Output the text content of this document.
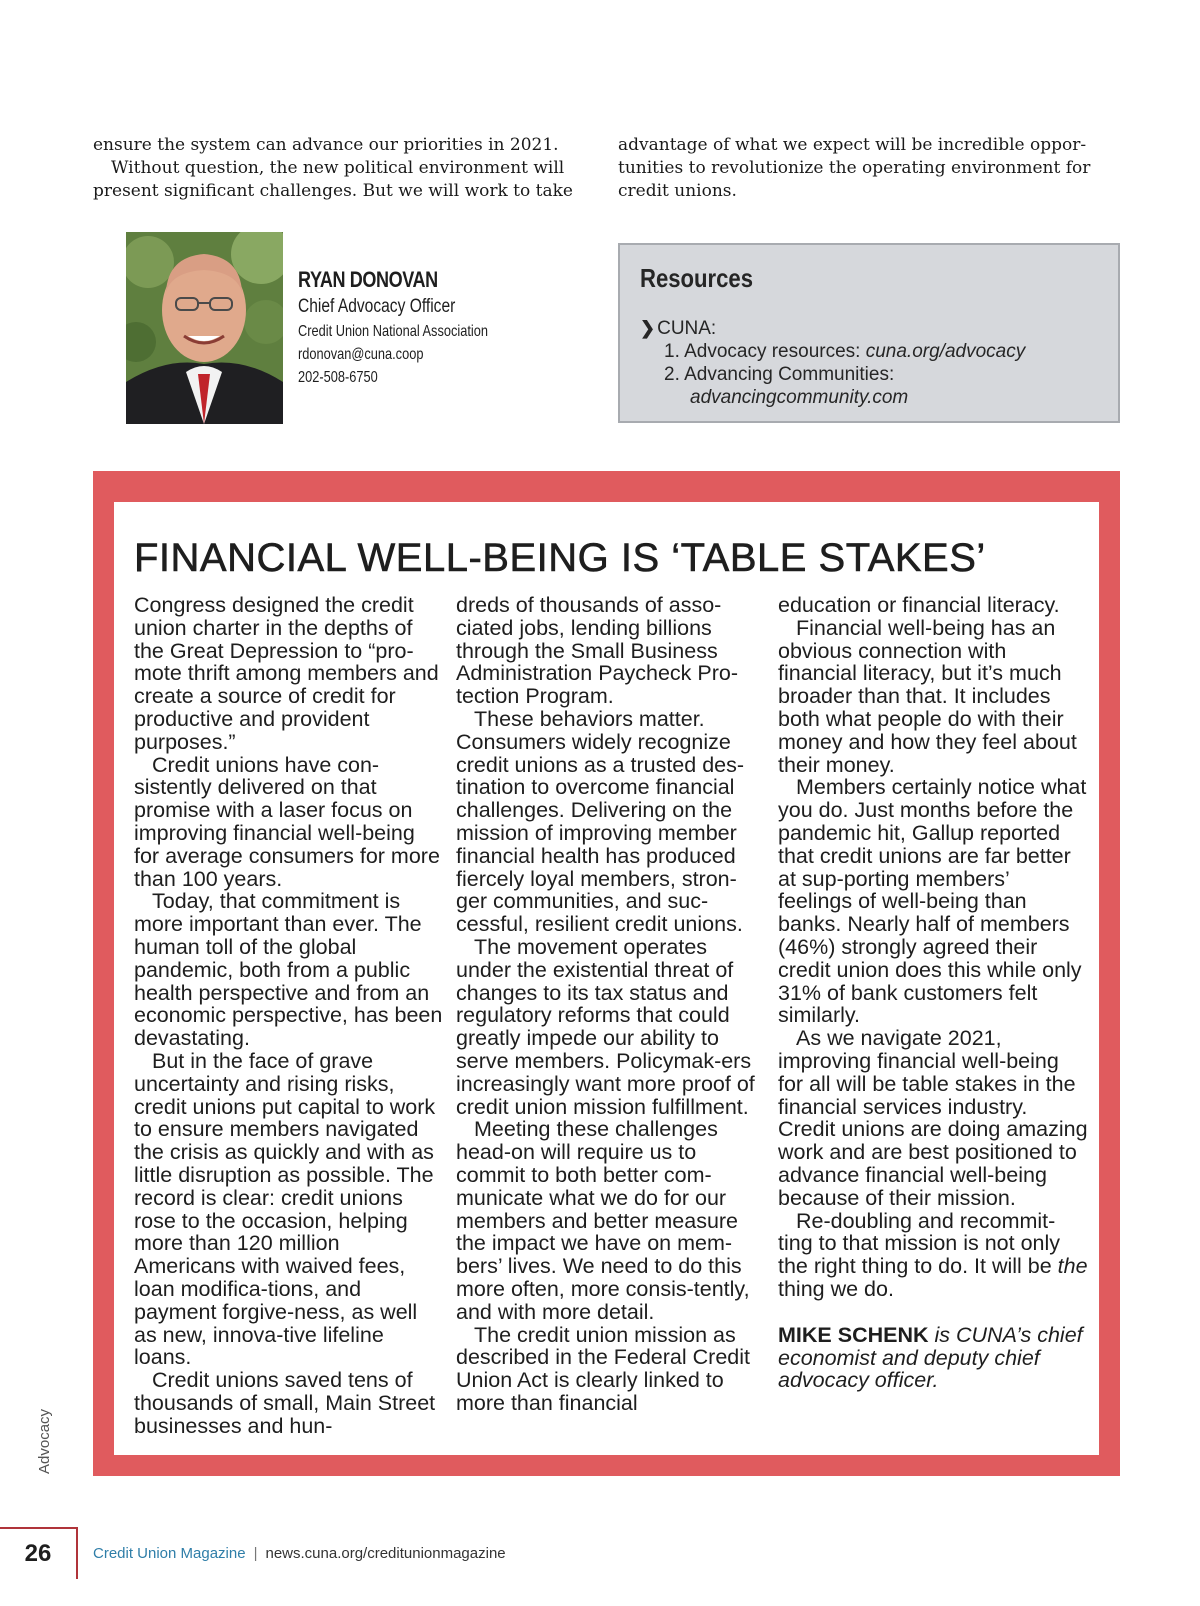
ensure the system can advance our priorities in 2021.

Without question, the new political environment will present significant challenges. But we will work to take

advantage of what we expect will be incredible oppor-tunities to revolutionize the operating environment for credit unions.

RYAN DONOVAN
Chief Advocacy Officer
Credit Union National Association
rdonovan@cuna.coop
202-508-6750
Resources
❯ CUNA:
1. Advocacy resources: cuna.org/advocacy
2. Advancing Communities:
advancingcommunity.com
FINANCIAL WELL-BEING IS ‘TABLE STAKES’

Congress designed the credit union charter in the depths of the Great Depression to “pro-mote thrift among members and create a source of credit for productive and provident purposes.”

Credit unions have con-sistently delivered on that promise with a laser focus on improving financial well-being for average consumers for more than 100 years.

Today, that commitment is more important than ever. The human toll of the global pandemic, both from a public health perspective and from an economic perspective, has been devastating.

But in the face of grave uncertainty and rising risks, credit unions put capital to work to ensure members navigated the crisis as quickly and with as little disruption as possible. The record is clear: credit unions rose to the occasion, helping more than 120 million Americans with waived fees, loan modifica-tions, and payment forgive-ness, as well as new, innova-tive lifeline loans.

Credit unions saved tens of thousands of small, Main Street businesses and hun-

dreds of thousands of asso-ciated jobs, lending billions through the Small Business Administration Paycheck Pro-tection Program.

These behaviors matter. Consumers widely recognize credit unions as a trusted des-tination to overcome financial challenges. Delivering on the mission of improving member financial health has produced fiercely loyal members, stron-ger communities, and suc-cessful, resilient credit unions.

The movement operates under the existential threat of changes to its tax status and regulatory reforms that could greatly impede our ability to serve members. Policymak-ers increasingly want more proof of credit union mission fulfillment.

Meeting these challenges head-on will require us to commit to both better com-municate what we do for our members and better measure the impact we have on mem-bers’ lives. We need to do this more often, more consis-tently, and with more detail.

The credit union mission as described in the Federal Credit Union Act is clearly linked to more than financial

education or financial literacy.

Financial well-being has an obvious connection with financial literacy, but it’s much broader than that. It includes both what people do with their money and how they feel about their money.

Members certainly notice what you do. Just months before the pandemic hit, Gallup reported that credit unions are far better at sup-porting members’ feelings of well-being than banks. Nearly half of members (46%) strongly agreed their credit union does this while only 31% of bank customers felt similarly.

As we navigate 2021, improving financial well-being for all will be table stakes in the financial services industry. Credit unions are doing amazing work and are best positioned to advance financial well-being because of their mission.

Re-doubling and recommit-ting to that mission is not only the right thing to do. It will be the thing we do.

MIKE SCHENK is CUNA’s chief economist and deputy chief advocacy officer.

Advocacy
26	Credit Union Magazine | news.cuna.org/creditunionmagazine
